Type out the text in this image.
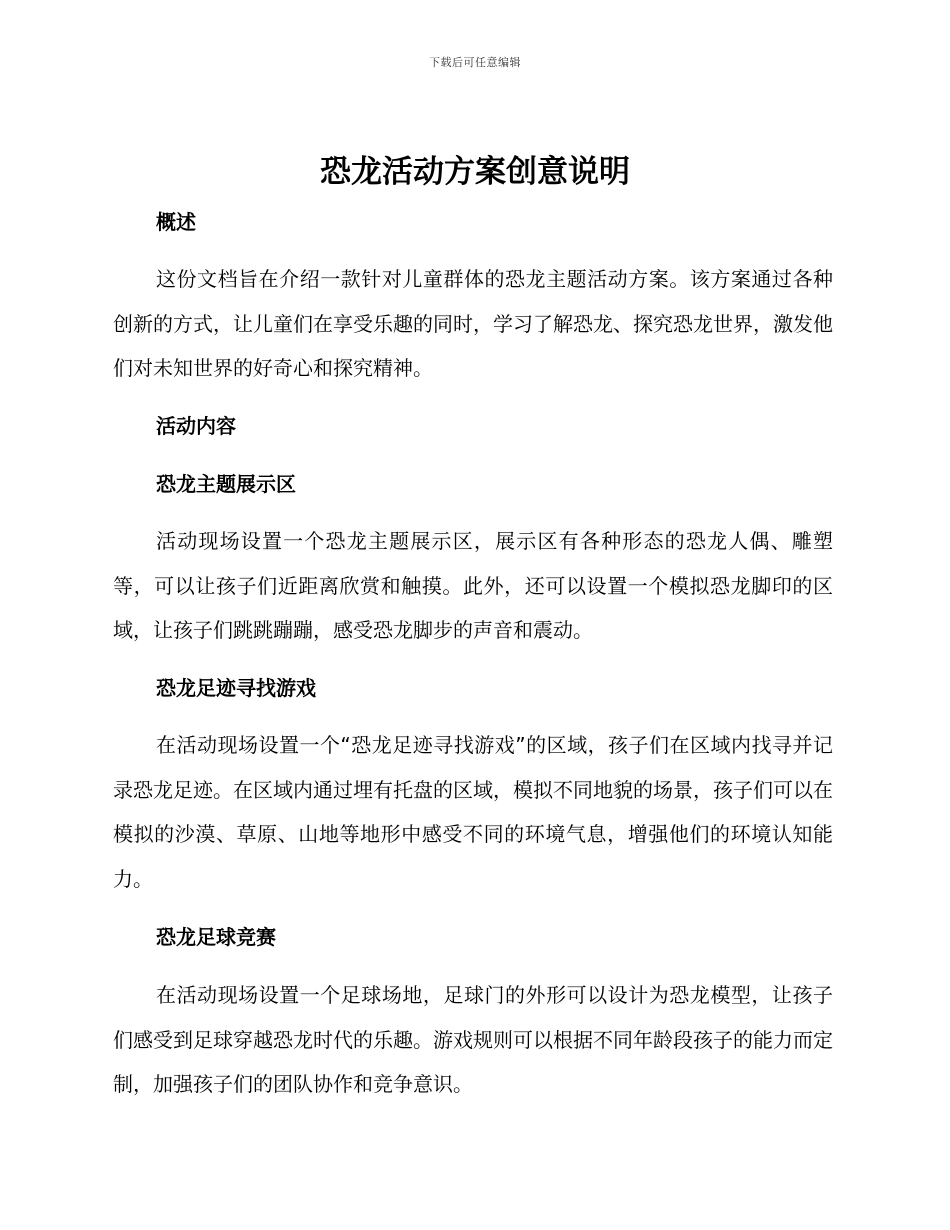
下载后可任意编辑
恐龙活动方案创意说明
概述

这份文档旨在介绍一款针对儿童群体的恐龙主题活动方案。该方案通过各种创新的方式，让儿童们在享受乐趣的同时，学习了解恐龙、探究恐龙世界，激发他们对未知世界的好奇心和探究精神。

活动内容
恐龙主题展示区

活动现场设置一个恐龙主题展示区，展示区有各种形态的恐龙人偶、雕塑等，可以让孩子们近距离欣赏和触摸。此外，还可以设置一个模拟恐龙脚印的区域，让孩子们跳跳蹦蹦，感受恐龙脚步的声音和震动。

恐龙足迹寻找游戏

在活动现场设置一个“恐龙足迹寻找游戏”的区域，孩子们在区域内找寻并记录恐龙足迹。在区域内通过埋有托盘的区域，模拟不同地貌的场景，孩子们可以在模拟的沙漠、草原、山地等地形中感受不同的环境气息，增强他们的环境认知能力。

恐龙足球竞赛

在活动现场设置一个足球场地，足球门的外形可以设计为恐龙模型，让孩子们感受到足球穿越恐龙时代的乐趣。游戏规则可以根据不同年龄段孩子的能力而定制，加强孩子们的团队协作和竞争意识。
